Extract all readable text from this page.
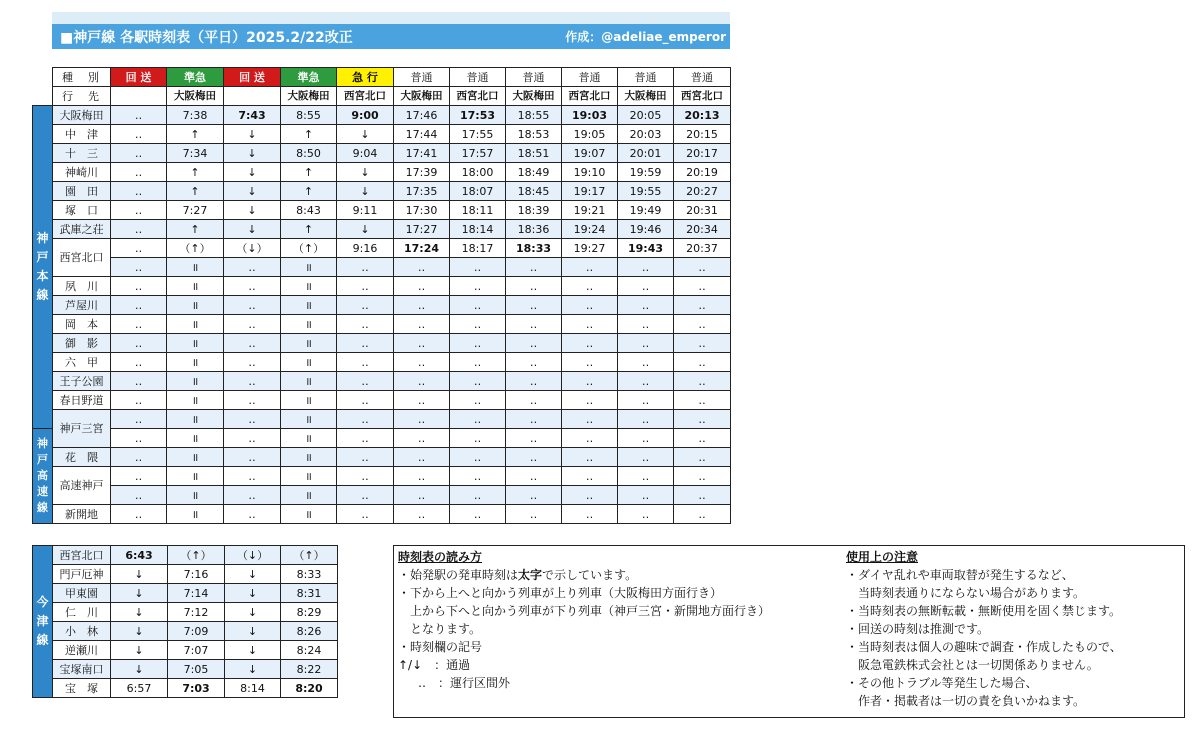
■神戸線 各駅時刻表（平日）2025.2/22改正	作成：@adeliae_emperor
	種　別	回 送	準急	回 送	準急	急 行	普通	普通	普通	普通	普通	普通
	行　先		大阪梅田		大阪梅田	西宮北口	大阪梅田	西宮北口	大阪梅田	西宮北口	大阪梅田	西宮北口

神
戸
本
線	大阪梅田	‥	7:38	7:43	8:55	9:00	17:46	17:53	18:55	19:03	20:05	20:13
	中　津	‥	↑	↓	↑	↓	17:44	17:55	18:53	19:05	20:03	20:15
	十　三	‥	7:34	↓	8:50	9:04	17:41	17:57	18:51	19:07	20:01	20:17
	神崎川	‥	↑	↓	↑	↓	17:39	18:00	18:49	19:10	19:59	20:19
	園　田	‥	↑	↓	↑	↓	17:35	18:07	18:45	19:17	19:55	20:27
	塚　口	‥	7:27	↓	8:43	9:11	17:30	18:11	18:39	19:21	19:49	20:31
	武庫之荘	‥	↑	↓	↑	↓	17:27	18:14	18:36	19:24	19:46	20:34
	西宮北口	‥	（↑）	（↓）	（↑）	9:16	17:24	18:17	18:33	19:27	19:43	20:37
		‥	॥	‥	॥	‥	‥	‥	‥	‥	‥	‥
	夙　川	‥	॥	‥	॥	‥	‥	‥	‥	‥	‥	‥
	芦屋川	‥	॥	‥	॥	‥	‥	‥	‥	‥	‥	‥
	岡　本	‥	॥	‥	॥	‥	‥	‥	‥	‥	‥	‥
	御　影	‥	॥	‥	॥	‥	‥	‥	‥	‥	‥	‥
	六　甲	‥	॥	‥	॥	‥	‥	‥	‥	‥	‥	‥
	王子公園	‥	॥	‥	॥	‥	‥	‥	‥	‥	‥	‥
	春日野道	‥	॥	‥	॥	‥	‥	‥	‥	‥	‥	‥
	神戸三宮	‥	॥	‥	॥	‥	‥	‥	‥	‥	‥	‥

神
戸
高
速
線		‥	॥	‥	॥	‥	‥	‥	‥	‥	‥	‥
	花　隈	‥	॥	‥	॥	‥	‥	‥	‥	‥	‥	‥
	高速神戸	‥	॥	‥	॥	‥	‥	‥	‥	‥	‥	‥
		‥	॥	‥	॥	‥	‥	‥	‥	‥	‥	‥
	新開地	‥	॥	‥	॥	‥	‥	‥	‥	‥	‥	‥
今
津
線	西宮北口	6:43	（↑）	（↓）	（↑）
	門戸厄神	↓	7:16	↓	8:33
	甲東園	↓	7:14	↓	8:31
	仁　川	↓	7:12	↓	8:29
	小　林	↓	7:09	↓	8:26
	逆瀬川	↓	7:07	↓	8:24
	宝塚南口	↓	7:05	↓	8:22
	宝　塚	6:57	7:03	8:14	8:20
時刻表の読み方
・始発駅の発車時刻は太字で示しています。
・下から上へと向かう列車が上り列車（大阪梅田方面行き）
上から下へと向かう列車が下り列車（神戸三宮・新開地方面行き）
となります。
・時刻欄の記号
↑/↓　：通過
‥　：運行区間外
使用上の注意
・ダイヤ乱れや車両取替が発生するなど、
当時刻表通りにならない場合があります。
・当時刻表の無断転載・無断使用を固く禁じます。
・回送の時刻は推測です。
・当時刻表は個人の趣味で調査・作成したもので、
阪急電鉄株式会社とは一切関係ありません。
・その他トラブル等発生した場合、
作者・掲載者は一切の責を負いかねます。
